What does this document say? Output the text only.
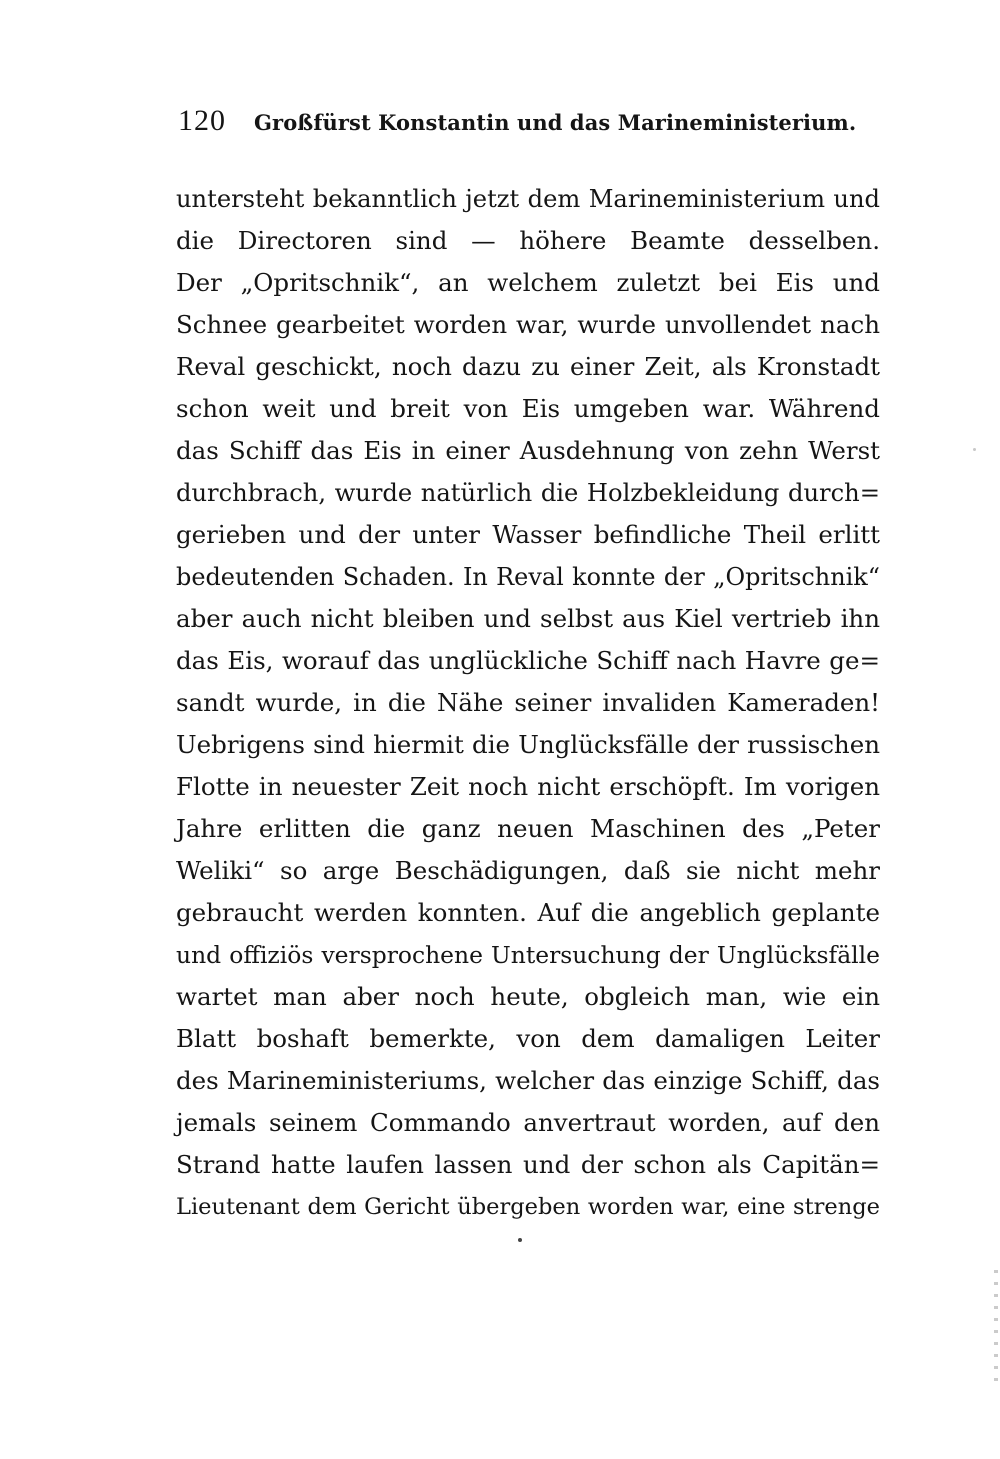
120 Großfürst Konstantin und das Marineministerium.
untersteht bekanntlich jetzt dem Marineministerium und
die Directoren sind — höhere Beamte desselben.
Der „Opritschnik“, an welchem zuletzt bei Eis und
Schnee gearbeitet worden war, wurde unvollendet nach
Reval geschickt, noch dazu zu einer Zeit, als Kronstadt
schon weit und breit von Eis umgeben war. Während
das Schiff das Eis in einer Ausdehnung von zehn Werst
durchbrach, wurde natürlich die Holzbekleidung durch=
gerieben und der unter Wasser befindliche Theil erlitt
bedeutenden Schaden. In Reval konnte der „Opritschnik“
aber auch nicht bleiben und selbst aus Kiel vertrieb ihn
das Eis, worauf das unglückliche Schiff nach Havre ge=
sandt wurde, in die Nähe seiner invaliden Kameraden!
Uebrigens sind hiermit die Unglücksfälle der russischen
Flotte in neuester Zeit noch nicht erschöpft. Im vorigen
Jahre erlitten die ganz neuen Maschinen des „Peter
Weliki“ so arge Beschädigungen, daß sie nicht mehr
gebraucht werden konnten. Auf die angeblich geplante
und offiziös versprochene Untersuchung der Unglücksfälle
wartet man aber noch heute, obgleich man, wie ein
Blatt boshaft bemerkte, von dem damaligen Leiter
des Marineministeriums, welcher das einzige Schiff, das
jemals seinem Commando anvertraut worden, auf den
Strand hatte laufen lassen und der schon als Capitän=
Lieutenant dem Gericht übergeben worden war, eine strenge
